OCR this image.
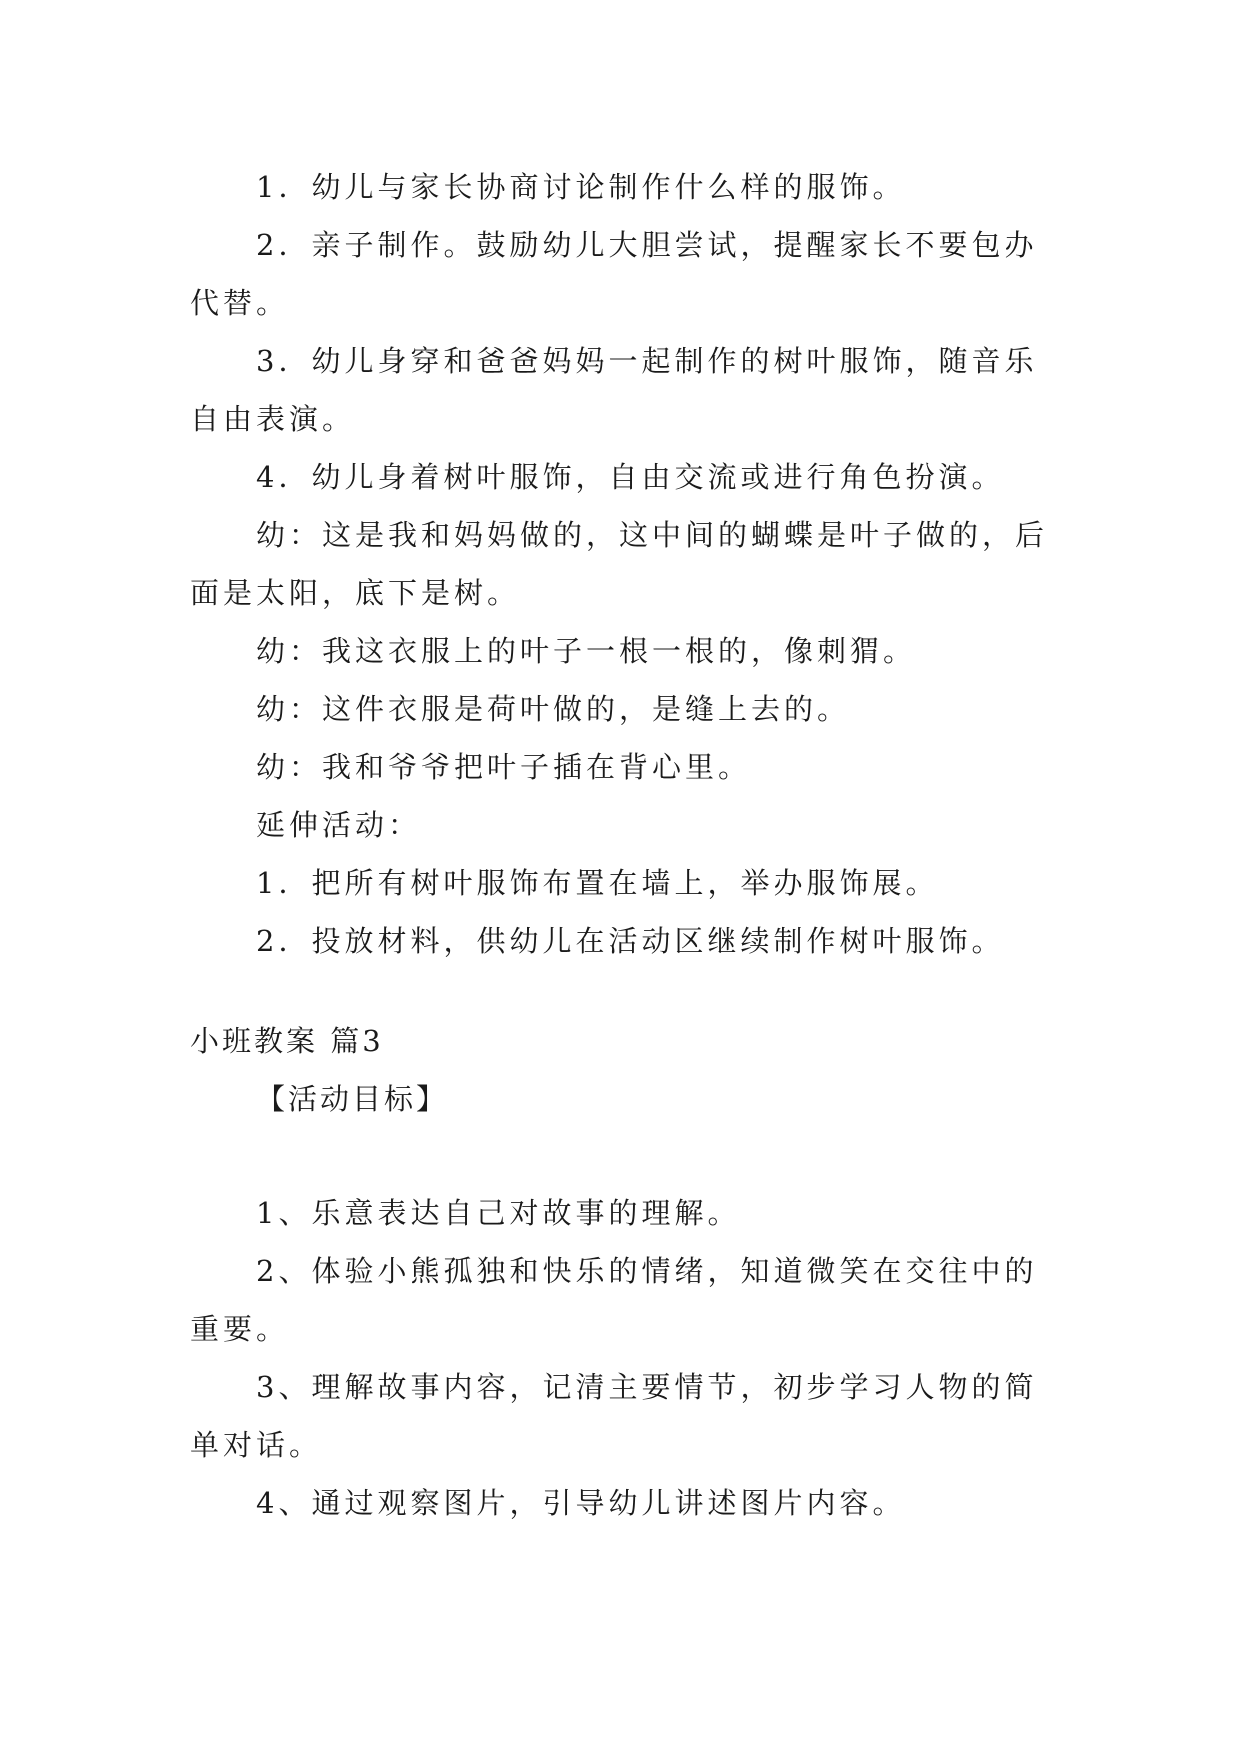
1．幼儿与家长协商讨论制作什么样的服饰。

2．亲子制作。鼓励幼儿大胆尝试，提醒家长不要包办代替。

3．幼儿身穿和爸爸妈妈一起制作的树叶服饰，随音乐自由表演。

4．幼儿身着树叶服饰，自由交流或进行角色扮演。

幼：这是我和妈妈做的，这中间的蝴蝶是叶子做的，后面是太阳，底下是树。

幼：我这衣服上的叶子一根一根的，像刺猬。

幼：这件衣服是荷叶做的，是缝上去的。

幼：我和爷爷把叶子插在背心里。

延伸活动：

1．把所有树叶服饰布置在墙上，举办服饰展。

2．投放材料，供幼儿在活动区继续制作树叶服饰。

小班教案 篇3

【活动目标】

1、乐意表达自己对故事的理解。

2、体验小熊孤独和快乐的情绪，知道微笑在交往中的重要。

3、理解故事内容，记清主要情节，初步学习人物的简单对话。

4、通过观察图片，引导幼儿讲述图片内容。
